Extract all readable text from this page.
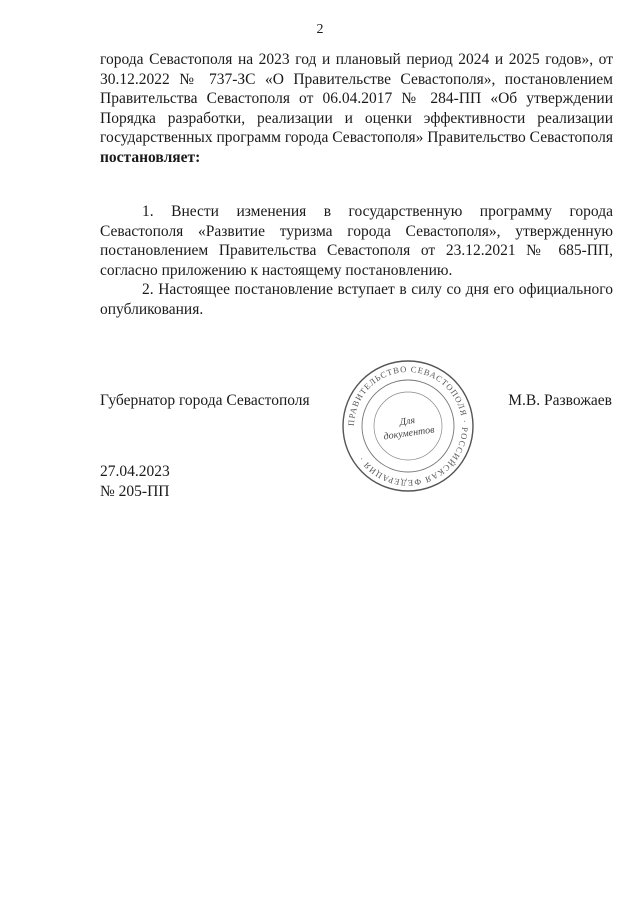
2

города Севастополя на 2023 год и плановый период 2024 и 2025 годов», от 30.12.2022 № 737-ЗС «О Правительстве Севастополя», постановлением Правительства Севастополя от 06.04.2017 № 284-ПП «Об утверждении Порядка разработки, реализации и оценки эффективности реализации государственных программ города Севастополя» Правительство Севастополя постановляет:

1. Внести изменения в государственную программу города Севастополя «Развитие туризма города Севастополя», утвержденную постановлением Правительства Севастополя от 23.12.2021 № 685-ПП, согласно приложению к настоящему постановлению.

2. Настоящее постановление вступает в силу со дня его официального опубликования.

Губернатор города Севастополя
ПРАВИТЕЛЬСТВО СЕВАСТОПОЛЯ · РОССИЙСКАЯ ФЕДЕРАЦИЯ ·
Для
документов
М.В. Развожаев
27.04.2023
№ 205-ПП
